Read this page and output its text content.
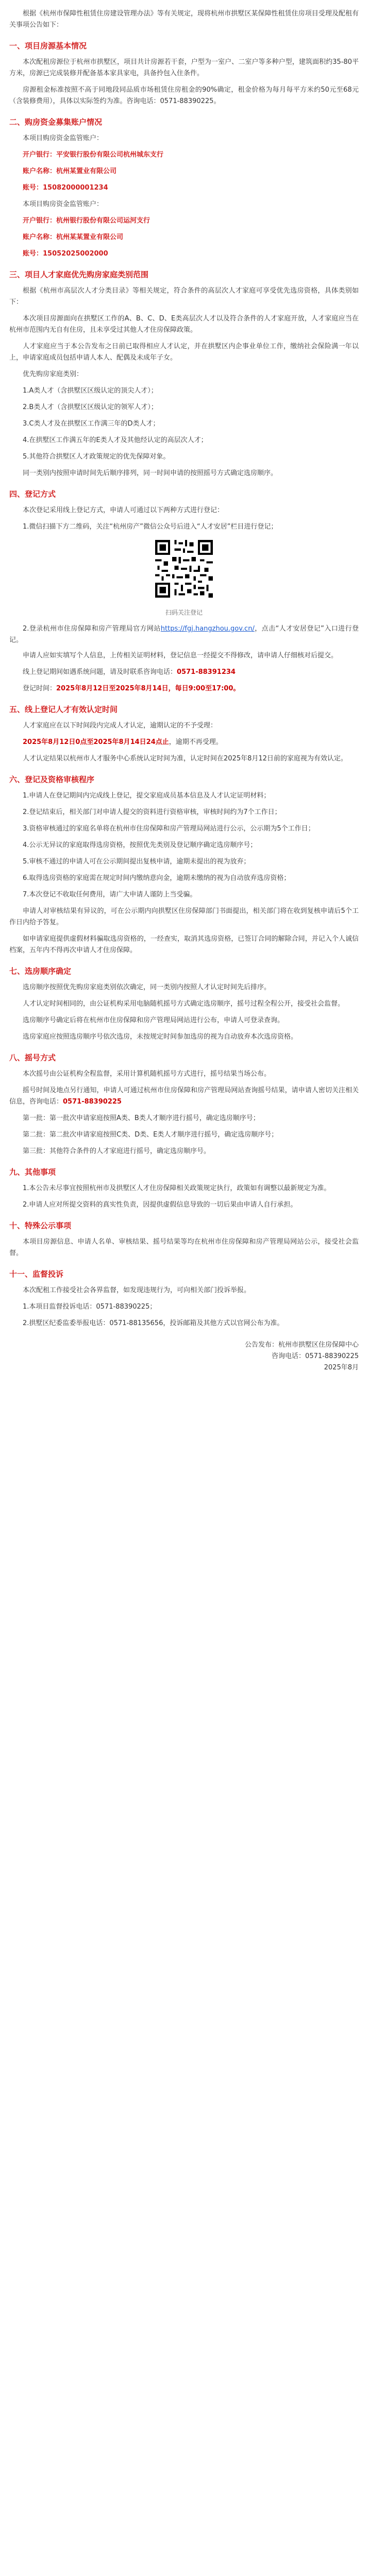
根据《杭州市保障性租赁住房建设管理办法》等有关规定，现将杭州市拱墅区某保障性租赁住房项目受理及配租有关事项公告如下：

一、项目房源基本情况

本次配租房源位于杭州市拱墅区，项目共计房源若干套，户型为一室户、二室户等多种户型，建筑面积约35-80平方米，房源已完成装修并配备基本家具家电，具备拎包入住条件。

房源租金标准按照不高于同地段同品质市场租赁住房租金的90%确定，租金价格为每月每平方米约50元至68元（含装修费用），具体以实际签约为准。咨询电话：0571-88390225。

二、购房资金募集账户情况

本项目购房资金监管账户：

开户银行：平安银行股份有限公司杭州城东支行

账户名称：杭州某置业有限公司

账号：15082000001234

本项目购房资金监管账户：

开户银行：杭州银行股份有限公司运河支行

账户名称：杭州某某置业有限公司

账号：15052025002000

三、项目人才家庭优先购房家庭类别范围

根据《杭州市高层次人才分类目录》等相关规定，符合条件的高层次人才家庭可享受优先选房资格，具体类别如下：

本次项目房源面向在拱墅区工作的A、B、C、D、E类高层次人才以及符合条件的人才家庭开放，人才家庭应当在杭州市范围内无自有住房，且未享受过其他人才住房保障政策。

人才家庭应当于本公告发布之日前已取得相应人才认定，并在拱墅区内企事业单位工作，缴纳社会保险满一年以上，申请家庭成员包括申请人本人、配偶及未成年子女。

优先购房家庭类别：

1.A类人才（含拱墅区区级认定的顶尖人才）；

2.B类人才（含拱墅区区级认定的领军人才）；

3.C类人才及在拱墅区工作满三年的D类人才；

4.在拱墅区工作满五年的E类人才及其他经认定的高层次人才；

5.其他符合拱墅区人才政策规定的优先保障对象。

同一类别内按照申请时间先后顺序排列，同一时间申请的按照摇号方式确定选房顺序。

四、登记方式

本次登记采用线上登记方式，申请人可通过以下两种方式进行登记：

1.微信扫描下方二维码，关注“杭州房产”微信公众号后进入“人才安居”栏目进行登记；

扫码关注登记

2.登录杭州市住房保障和房产管理局官方网站https://fgj.hangzhou.gov.cn/，点击“人才安居登记”入口进行登记。

申请人应如实填写个人信息，上传相关证明材料，登记信息一经提交不得修改，请申请人仔细核对后提交。

线上登记期间如遇系统问题，请及时联系咨询电话：0571-88391234

登记时间：2025年8月12日至2025年8月14日，每日9:00至17:00。

五、线上登记人才有效认定时间

人才家庭应在以下时间段内完成人才认定，逾期认定的不予受理：

2025年8月12日0点至2025年8月14日24点止，逾期不再受理。

人才认定结果以杭州市人才服务中心系统认定时间为准，认定时间在2025年8月12日前的家庭视为有效认定。

六、登记及资格审核程序

1.申请人在登记期间内完成线上登记，提交家庭成员基本信息及人才认定证明材料；

2.登记结束后，相关部门对申请人提交的资料进行资格审核，审核时间约为7个工作日；

3.资格审核通过的家庭名单将在杭州市住房保障和房产管理局网站进行公示，公示期为5个工作日；

4.公示无异议的家庭取得选房资格，按照优先类别及登记顺序确定选房顺序号；

5.审核不通过的申请人可在公示期间提出复核申请，逾期未提出的视为放弃；

6.取得选房资格的家庭需在规定时间内缴纳意向金，逾期未缴纳的视为自动放弃选房资格；

7.本次登记不收取任何费用，请广大申请人谨防上当受骗。

申请人对审核结果有异议的，可在公示期内向拱墅区住房保障部门书面提出，相关部门将在收到复核申请后5个工作日内给予答复。

如申请家庭提供虚假材料骗取选房资格的，一经查实，取消其选房资格，已签订合同的解除合同，并记入个人诚信档案，五年内不得再次申请人才住房保障。

七、选房顺序确定

选房顺序按照优先购房家庭类别依次确定，同一类别内按照人才认定时间先后排序。

人才认定时间相同的，由公证机构采用电脑随机摇号方式确定选房顺序，摇号过程全程公开，接受社会监督。

选房顺序号确定后将在杭州市住房保障和房产管理局网站进行公布，申请人可登录查询。

选房家庭应按照选房顺序号依次选房，未按规定时间参加选房的视为自动放弃本次选房资格。

八、摇号方式

本次摇号由公证机构全程监督，采用计算机随机摇号方式进行，摇号结果当场公布。

摇号时间及地点另行通知，申请人可通过杭州市住房保障和房产管理局网站查询摇号结果，请申请人密切关注相关信息，咨询电话：0571-88390225

第一批：第一批次申请家庭按照A类、B类人才顺序进行摇号，确定选房顺序号；

第二批：第二批次申请家庭按照C类、D类、E类人才顺序进行摇号，确定选房顺序号；

第三批：其他符合条件的人才家庭进行摇号，确定选房顺序号。

九、其他事项

1.本公告未尽事宜按照杭州市及拱墅区人才住房保障相关政策规定执行，政策如有调整以最新规定为准。

2.申请人应对所提交资料的真实性负责，因提供虚假信息导致的一切后果由申请人自行承担。

十、特殊公示事项

本项目房源信息、申请人名单、审核结果、摇号结果等均在杭州市住房保障和房产管理局网站公示，接受社会监督。

十一、监督投诉

本次配租工作接受社会各界监督，如发现违规行为，可向相关部门投诉举报。

1.本项目监督投诉电话：0571-88390225；

2.拱墅区纪委监委举报电话：0571-88135656，投诉邮箱及其他方式以官网公布为准。

公告发布：杭州市拱墅区住房保障中心
咨询电话：0571-88390225
2025年8月
